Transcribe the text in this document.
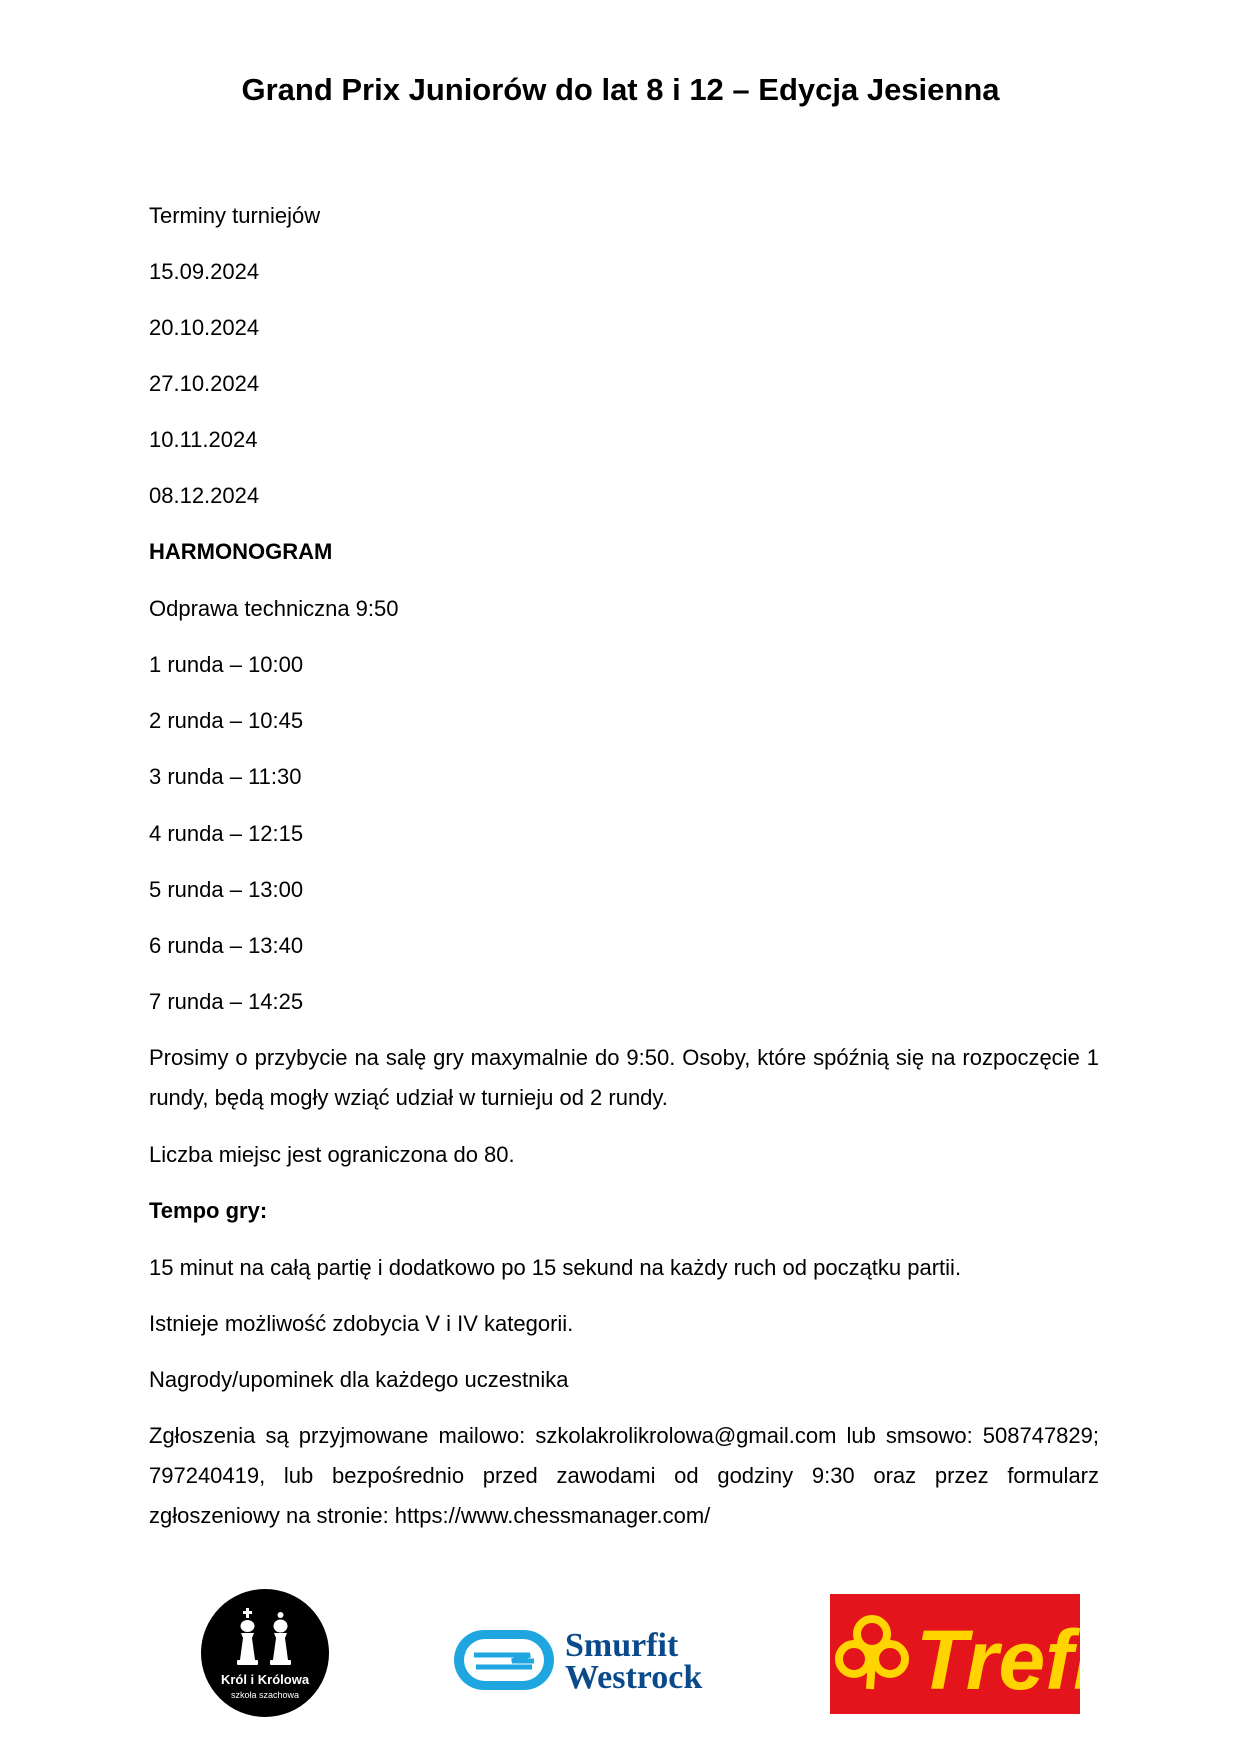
Grand Prix Juniorów do lat 8 i 12 – Edycja Jesienna
Terminy turniejów
15.09.2024
20.10.2024
27.10.2024
10.11.2024
08.12.2024
HARMONOGRAM
Odprawa techniczna 9:50
1 runda – 10:00
2 runda – 10:45
3 runda – 11:30
4 runda – 12:15
5 runda – 13:00
6 runda – 13:40
7 runda – 14:25
Prosimy o przybycie na salę gry maxymalnie do 9:50. Osoby, które spóźnią się na rozpoczęcie 1 rundy, będą mogły wziąć udział w turnieju od 2 rundy.
Liczba miejsc jest ograniczona do 80.
Tempo gry:
15 minut na całą partię i dodatkowo po 15 sekund na każdy ruch od początku partii.
Istnieje możliwość zdobycia V i IV kategorii.
Nagrody/upominek dla każdego uczestnika
Zgłoszenia są przyjmowane mailowo: szkolakrolikrolowa@gmail.com lub smsowo: 508747829; 797240419, lub bezpośrednio przed zawodami od godziny 9:30 oraz przez formularz zgłoszeniowy na stronie: https://www.chessmanager.com/
Król i Królowa
szkoła szachowa
Smurfit
Westrock	Trefl
